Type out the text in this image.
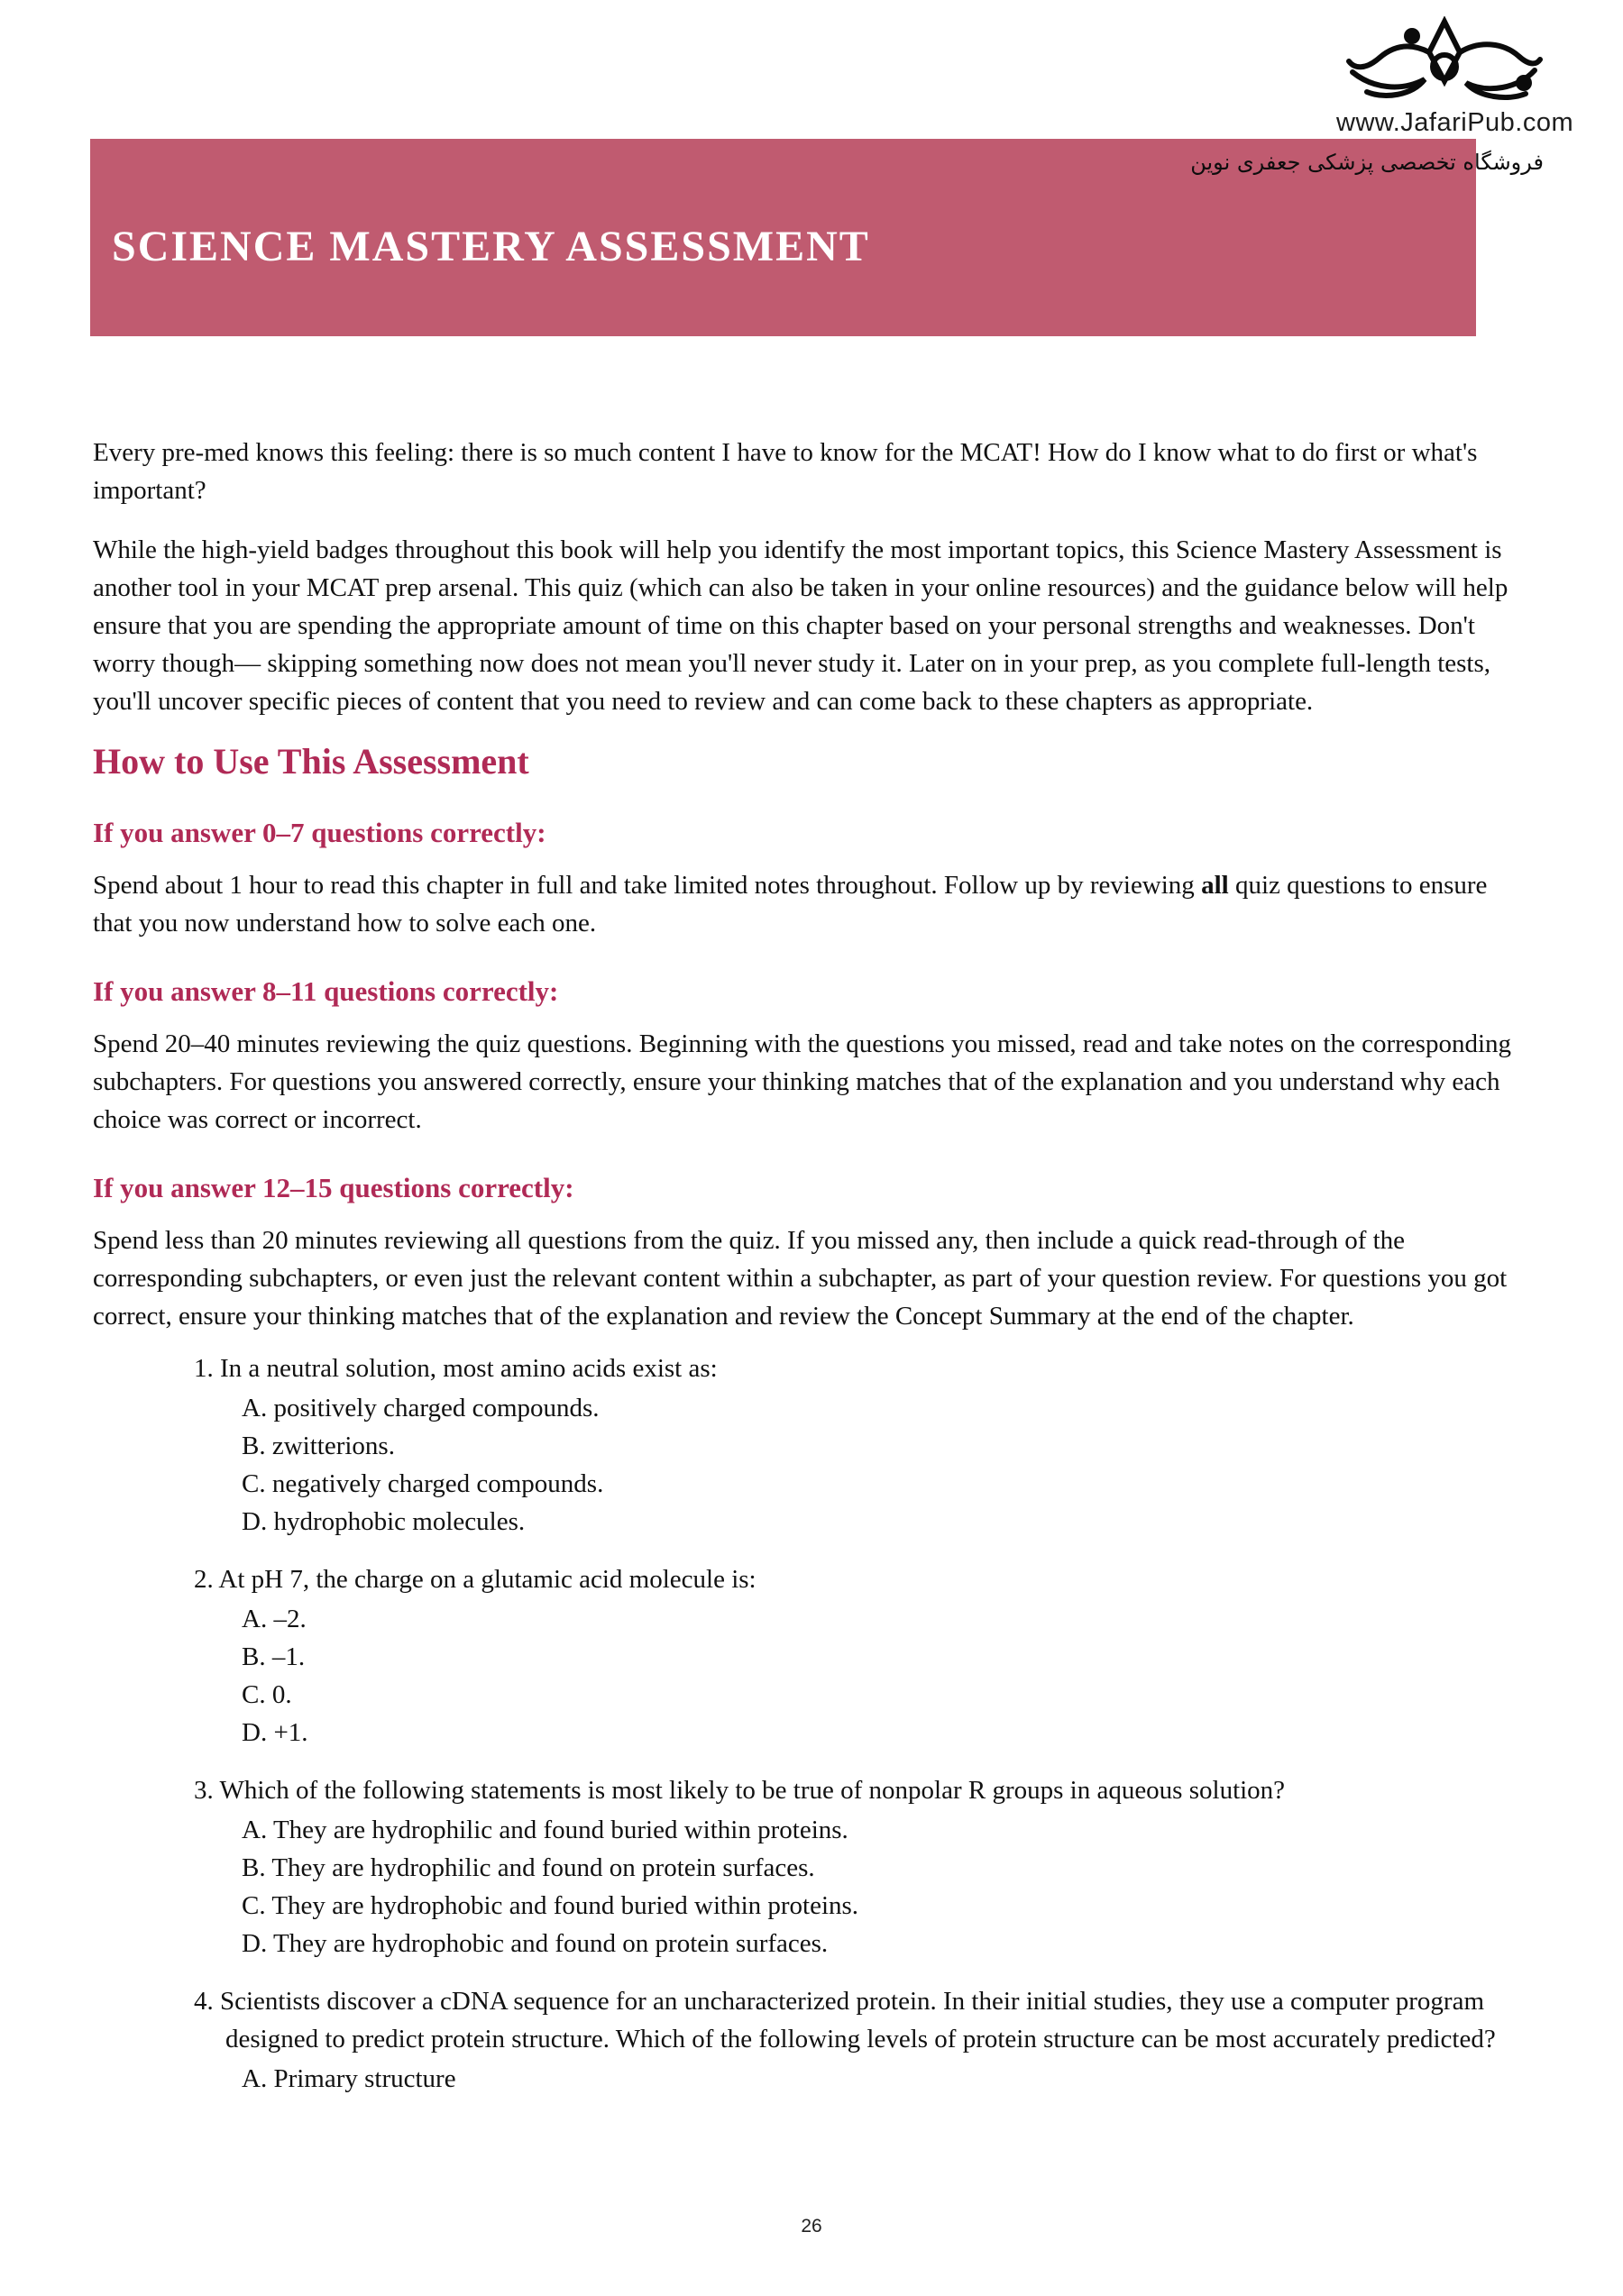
www.JafariPub.com
فروشگاه تخصصی پزشکی جعفری نوین
SCIENCE MASTERY ASSESSMENT

Every pre-med knows this feeling: there is so much content I have to know for the MCAT! How do I know what to do first or what's important?

While the high-yield badges throughout this book will help you identify the most important topics, this Science Mastery Assessment is another tool in your MCAT prep arsenal. This quiz (which can also be taken in your online resources) and the guidance below will help ensure that you are spending the appropriate amount of time on this chapter based on your personal strengths and weaknesses. Don't worry though— skipping something now does not mean you'll never study it. Later on in your prep, as you complete full-length tests, you'll uncover specific pieces of content that you need to review and can come back to these chapters as appropriate.

How to Use This Assessment
If you answer 0–7 questions correctly:

Spend about 1 hour to read this chapter in full and take limited notes throughout. Follow up by reviewing all quiz questions to ensure that you now understand how to solve each one.

If you answer 8–11 questions correctly:

Spend 20–40 minutes reviewing the quiz questions. Beginning with the questions you missed, read and take notes on the corresponding subchapters. For questions you answered correctly, ensure your thinking matches that of the explanation and you understand why each choice was correct or incorrect.

If you answer 12–15 questions correctly:

Spend less than 20 minutes reviewing all questions from the quiz. If you missed any, then include a quick read-through of the corresponding subchapters, or even just the relevant content within a subchapter, as part of your question review. For questions you got correct, ensure your thinking matches that of the explanation and review the Concept Summary at the end of the chapter.

1. In a neutral solution, most amino acids exist as:
A. positively charged compounds.
B. zwitterions.
C. negatively charged compounds.
D. hydrophobic molecules.
2. At pH 7, the charge on a glutamic acid molecule is:
A. –2.
B. –1.
C. 0.
D. +1.
3. Which of the following statements is most likely to be true of nonpolar R groups in aqueous solution?
A. They are hydrophilic and found buried within proteins.
B. They are hydrophilic and found on protein surfaces.
C. They are hydrophobic and found buried within proteins.
D. They are hydrophobic and found on protein surfaces.
4. Scientists discover a cDNA sequence for an uncharacterized protein. In their initial studies, they use a computer program designed to predict protein structure. Which of the following levels of protein structure can be most accurately predicted?
A. Primary structure
26
